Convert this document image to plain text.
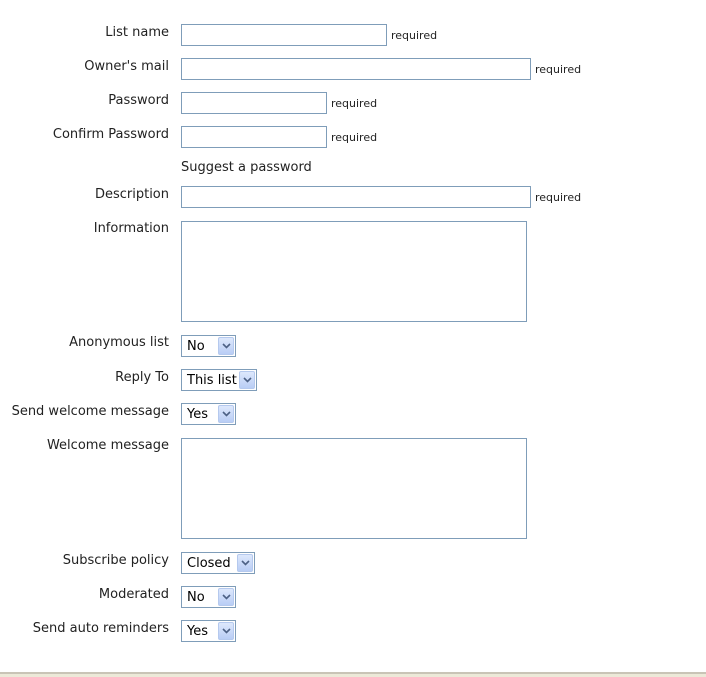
List name	required
Owner's mail	required
Password	required
Confirm Password	required
Suggest a password
Description	required
Information
Anonymous list	No
Reply To	This list
Send welcome message	Yes
Welcome message
Subscribe policy	Closed
Moderated	No
Send auto reminders	Yes
